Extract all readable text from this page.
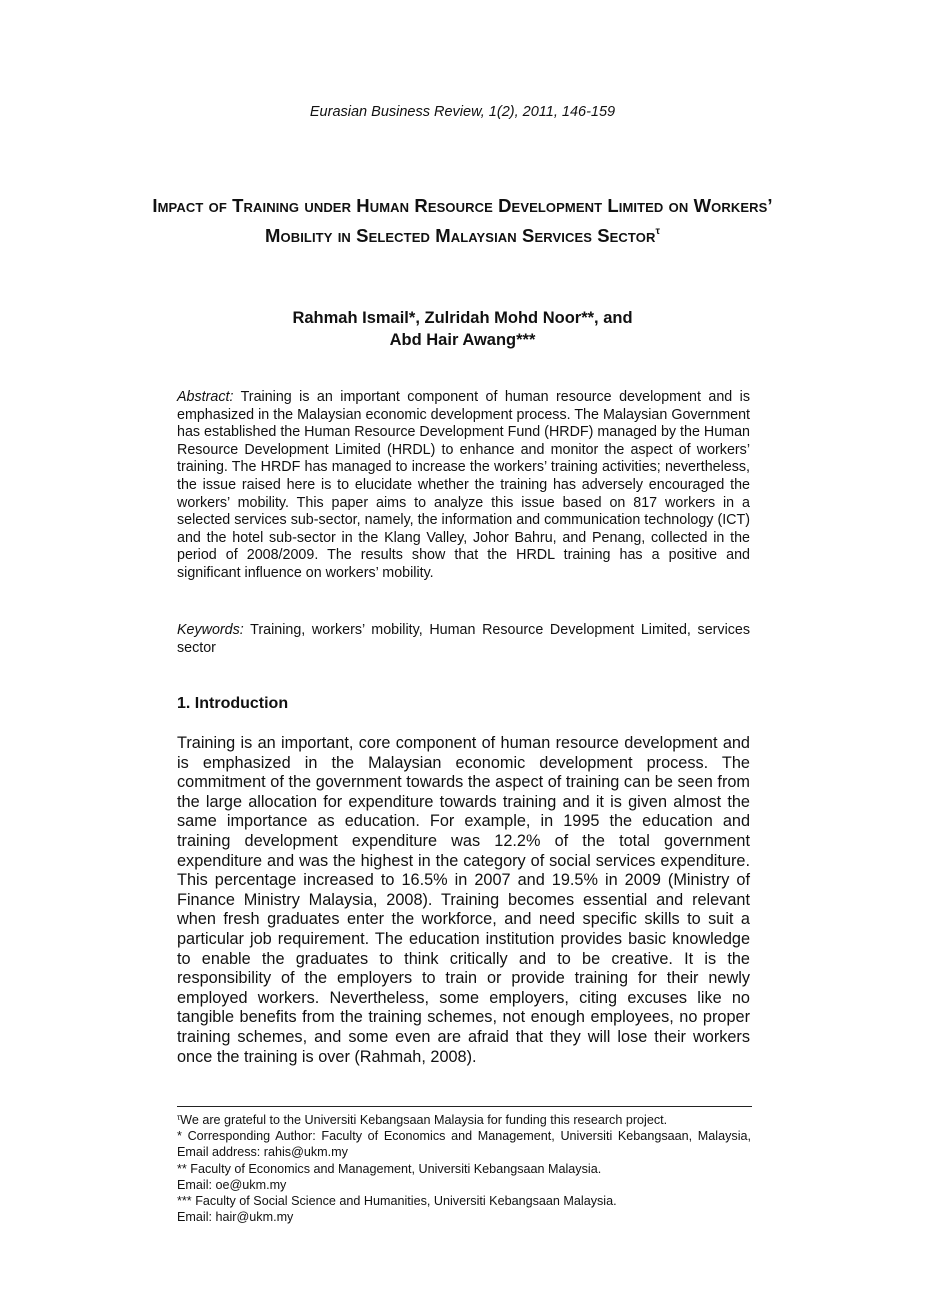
Eurasian Business Review, 1(2), 2011, 146-159
Impact of Training under Human Resource Development Limited on Workers’ Mobility in Selected Malaysian Services Sector$^\tau$
Rahmah Ismail*, Zulridah Mohd Noor**, and
Abd Hair Awang***
Abstract: Training is an important component of human resource development and is emphasized in the Malaysian economic development process. The Malaysian Government has established the Human Resource Development Fund (HRDF) managed by the Human Resource Development Limited (HRDL) to enhance and monitor the aspect of workers’ training. The HRDF has managed to increase the workers’ training activities; nevertheless, the issue raised here is to elucidate whether the training has adversely encouraged the workers’ mobility. This paper aims to analyze this issue based on 817 workers in a selected services sub-sector, namely, the information and communication technology (ICT) and the hotel sub-sector in the Klang Valley, Johor Bahru, and Penang, collected in the period of 2008/2009. The results show that the HRDL training has a positive and significant influence on workers’ mobility.
Keywords: Training, workers’ mobility, Human Resource Development Limited, services sector
1. Introduction
Training is an important, core component of human resource development and is emphasized in the Malaysian economic development process. The commitment of the government towards the aspect of training can be seen from the large allocation for expenditure towards training and it is given almost the same importance as education. For example, in 1995 the education and training development expenditure was 12.2% of the total government expenditure and was the highest in the category of social services expenditure. This percentage increased to 16.5% in 2007 and 19.5% in 2009 (Ministry of Finance Ministry Malaysia, 2008). Training becomes essential and relevant when fresh graduates enter the workforce, and need specific skills to suit a particular job requirement. The education institution provides basic knowledge to enable the graduates to think critically and to be creative. It is the responsibility of the employers to train or provide training for their newly employed workers. Nevertheless, some employers, citing excuses like no tangible benefits from the training schemes, not enough employees, no proper training schemes, and some even are afraid that they will lose their workers once the training is over (Rahmah, 2008).

$^\tau$We are grateful to the Universiti Kebangsaan Malaysia for funding this research project.

* Corresponding Author: Faculty of Economics and Management, Universiti Kebangsaan, Malaysia, Email address: rahis@ukm.my

** Faculty of Economics and Management, Universiti Kebangsaan Malaysia.

Email: oe@ukm.my

*** Faculty of Social Science and Humanities, Universiti Kebangsaan Malaysia.

Email: hair@ukm.my
